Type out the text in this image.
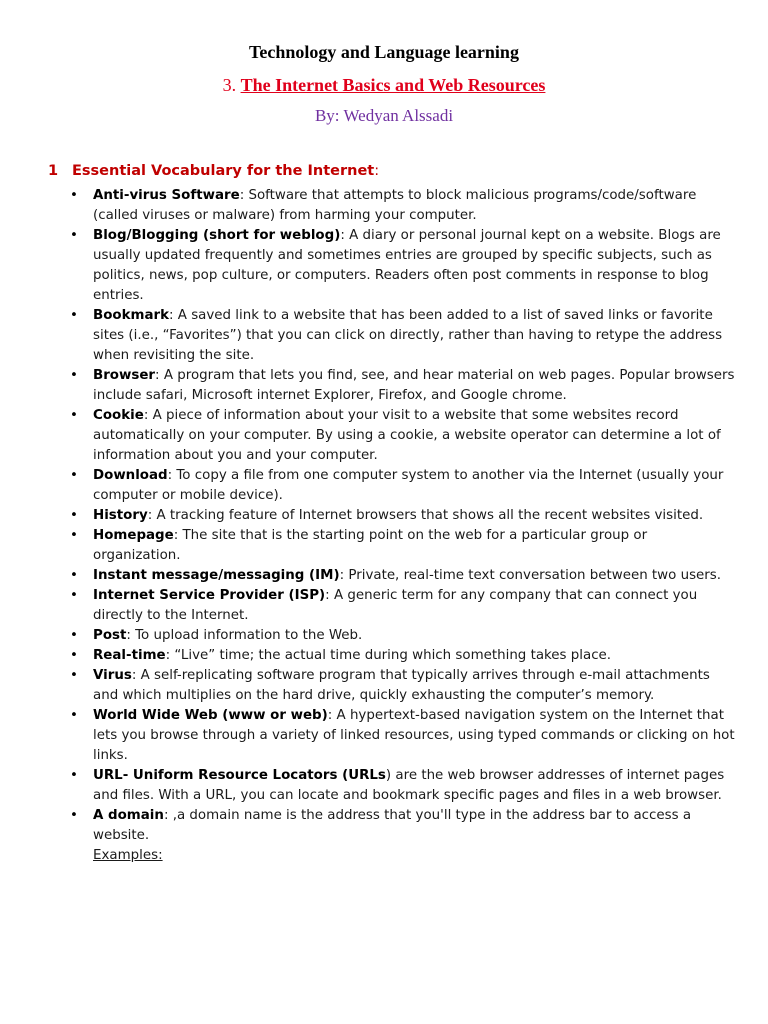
Technology and Language learning

3. The Internet Basics and Web Resources

By: Wedyan Alssadi

1 Essential Vocabulary for the Internet:

• Anti-virus Software: Software that attempts to block malicious programs/code/software (called viruses or malware) from harming your computer.
• Blog/Blogging (short for weblog): A diary or personal journal kept on a website. Blogs are usually updated frequently and sometimes entries are grouped by specific subjects, such as politics, news, pop culture, or computers. Readers often post comments in response to blog entries.
• Bookmark: A saved link to a website that has been added to a list of saved links or favorite sites (i.e., “Favorites”) that you can click on directly, rather than having to retype the address when revisiting the site.
• Browser: A program that lets you find, see, and hear material on web pages. Popular browsers include safari, Microsoft internet Explorer, Firefox, and Google chrome.
• Cookie: A piece of information about your visit to a website that some websites record automatically on your computer. By using a cookie, a website operator can determine a lot of information about you and your computer.
• Download: To copy a file from one computer system to another via the Internet (usually your computer or mobile device).
• History: A tracking feature of Internet browsers that shows all the recent websites visited.
• Homepage: The site that is the starting point on the web for a particular group or organization.
• Instant message/messaging (IM): Private, real-time text conversation between two users.
• Internet Service Provider (ISP): A generic term for any company that can connect you directly to the Internet.
• Post: To upload information to the Web.
• Real-time: “Live” time; the actual time during which something takes place.
• Virus: A self-replicating software program that typically arrives through e-mail attachments and which multiplies on the hard drive, quickly exhausting the computer’s memory.
• World Wide Web (www or web): A hypertext-based navigation system on the Internet that lets you browse through a variety of linked resources, using typed commands or clicking on hot links.
• URL- Uniform Resource Locators (URLs) are the web browser addresses of internet pages and files. With a URL, you can locate and bookmark specific pages and files in a web browser.
• A domain: ,a domain name is the address that you'll type in the address bar to access a website.
Examples:
